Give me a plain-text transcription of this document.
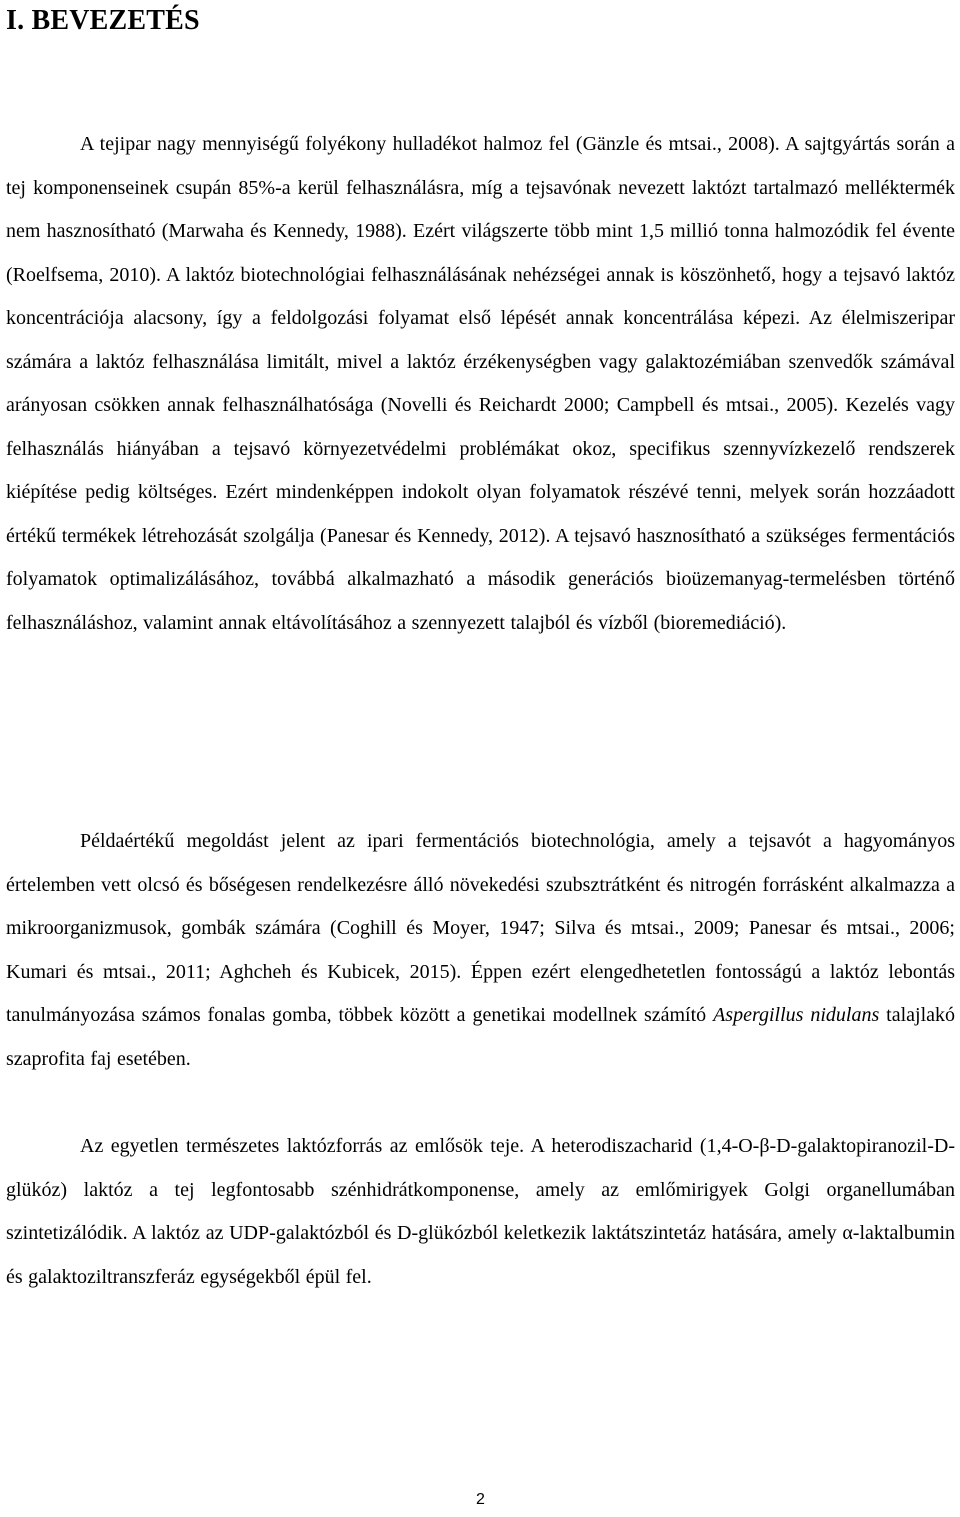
I. BEVEZETÉS

A tejipar nagy mennyiségű folyékony hulladékot halmoz fel (Gänzle és mtsai., 2008). A sajtgyártás során a tej komponenseinek csupán 85%-a kerül felhasználásra, míg a tejsavónak nevezett laktózt tartalmazó melléktermék nem hasznosítható (Marwaha és Kennedy, 1988). Ezért világszerte több mint 1,5 millió tonna halmozódik fel évente (Roelfsema, 2010). A laktóz biotechnológiai felhasználásának nehézségei annak is köszönhető, hogy a tejsavó laktóz koncentrációja alacsony, így a feldolgozási folyamat első lépését annak koncentrálása képezi. Az élelmiszeripar számára a laktóz felhasználása limitált, mivel a laktóz érzékenységben vagy galaktozémiában szenvedők számával arányosan csökken annak felhasználhatósága (Novelli és Reichardt 2000; Campbell és mtsai., 2005). Kezelés vagy felhasználás hiányában a tejsavó környezetvédelmi problémákat okoz, specifikus szennyvízkezelő rendszerek kiépítése pedig költséges. Ezért mindenképpen indokolt olyan folyamatok részévé tenni, melyek során hozzáadott értékű termékek létrehozását szolgálja (Panesar és Kennedy, 2012). A tejsavó hasznosítható a szükséges fermentációs folyamatok optimalizálásához, továbbá alkalmazható a második generációs bioüzemanyag-termelésben történő felhasználáshoz, valamint annak eltávolításához a szennyezett talajból és vízből (bioremediáció).

Példaértékű megoldást jelent az ipari fermentációs biotechnológia, amely a tejsavót a hagyományos értelemben vett olcsó és bőségesen rendelkezésre álló növekedési szubsztrátként és nitrogén forrásként alkalmazza a mikroorganizmusok, gombák számára (Coghill és Moyer, 1947; Silva és mtsai., 2009; Panesar és mtsai., 2006; Kumari és mtsai., 2011; Aghcheh és Kubicek, 2015). Éppen ezért elengedhetetlen fontosságú a laktóz lebontás tanulmányozása számos fonalas gomba, többek között a genetikai modellnek számító Aspergillus nidulans talajlakó szaprofita faj esetében.

Az egyetlen természetes laktózforrás az emlősök teje. A heterodiszacharid (1,4-O-β-D-galaktopiranozil-D-glükóz) laktóz a tej legfontosabb szénhidrátkomponense, amely az emlőmirigyek Golgi organellumában szintetizálódik. A laktóz az UDP-galaktózból és D-glükózból keletkezik laktátszintetáz hatására, amely α-laktalbumin és galaktoziltranszferáz egységekből épül fel.

2
